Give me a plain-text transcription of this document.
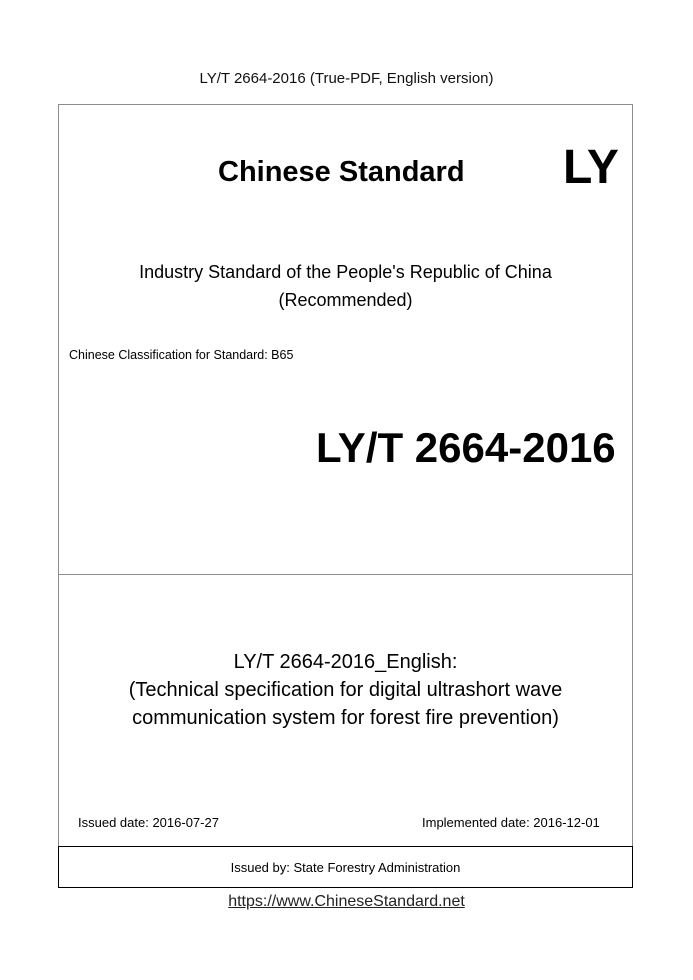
LY/T 2664-2016 (True-PDF, English version)
Chinese Standard LY
Industry Standard of the People's Republic of China
(Recommended)
Chinese Classification for Standard: B65
LY/T 2664-2016
LY/T 2664-2016_English:
(Technical specification for digital ultrashort wave
communication system for forest fire prevention)
Issued date: 2016-07-27	Implemented date: 2016-12-01
Issued by: State Forestry Administration
https://www.ChineseStandard.net
